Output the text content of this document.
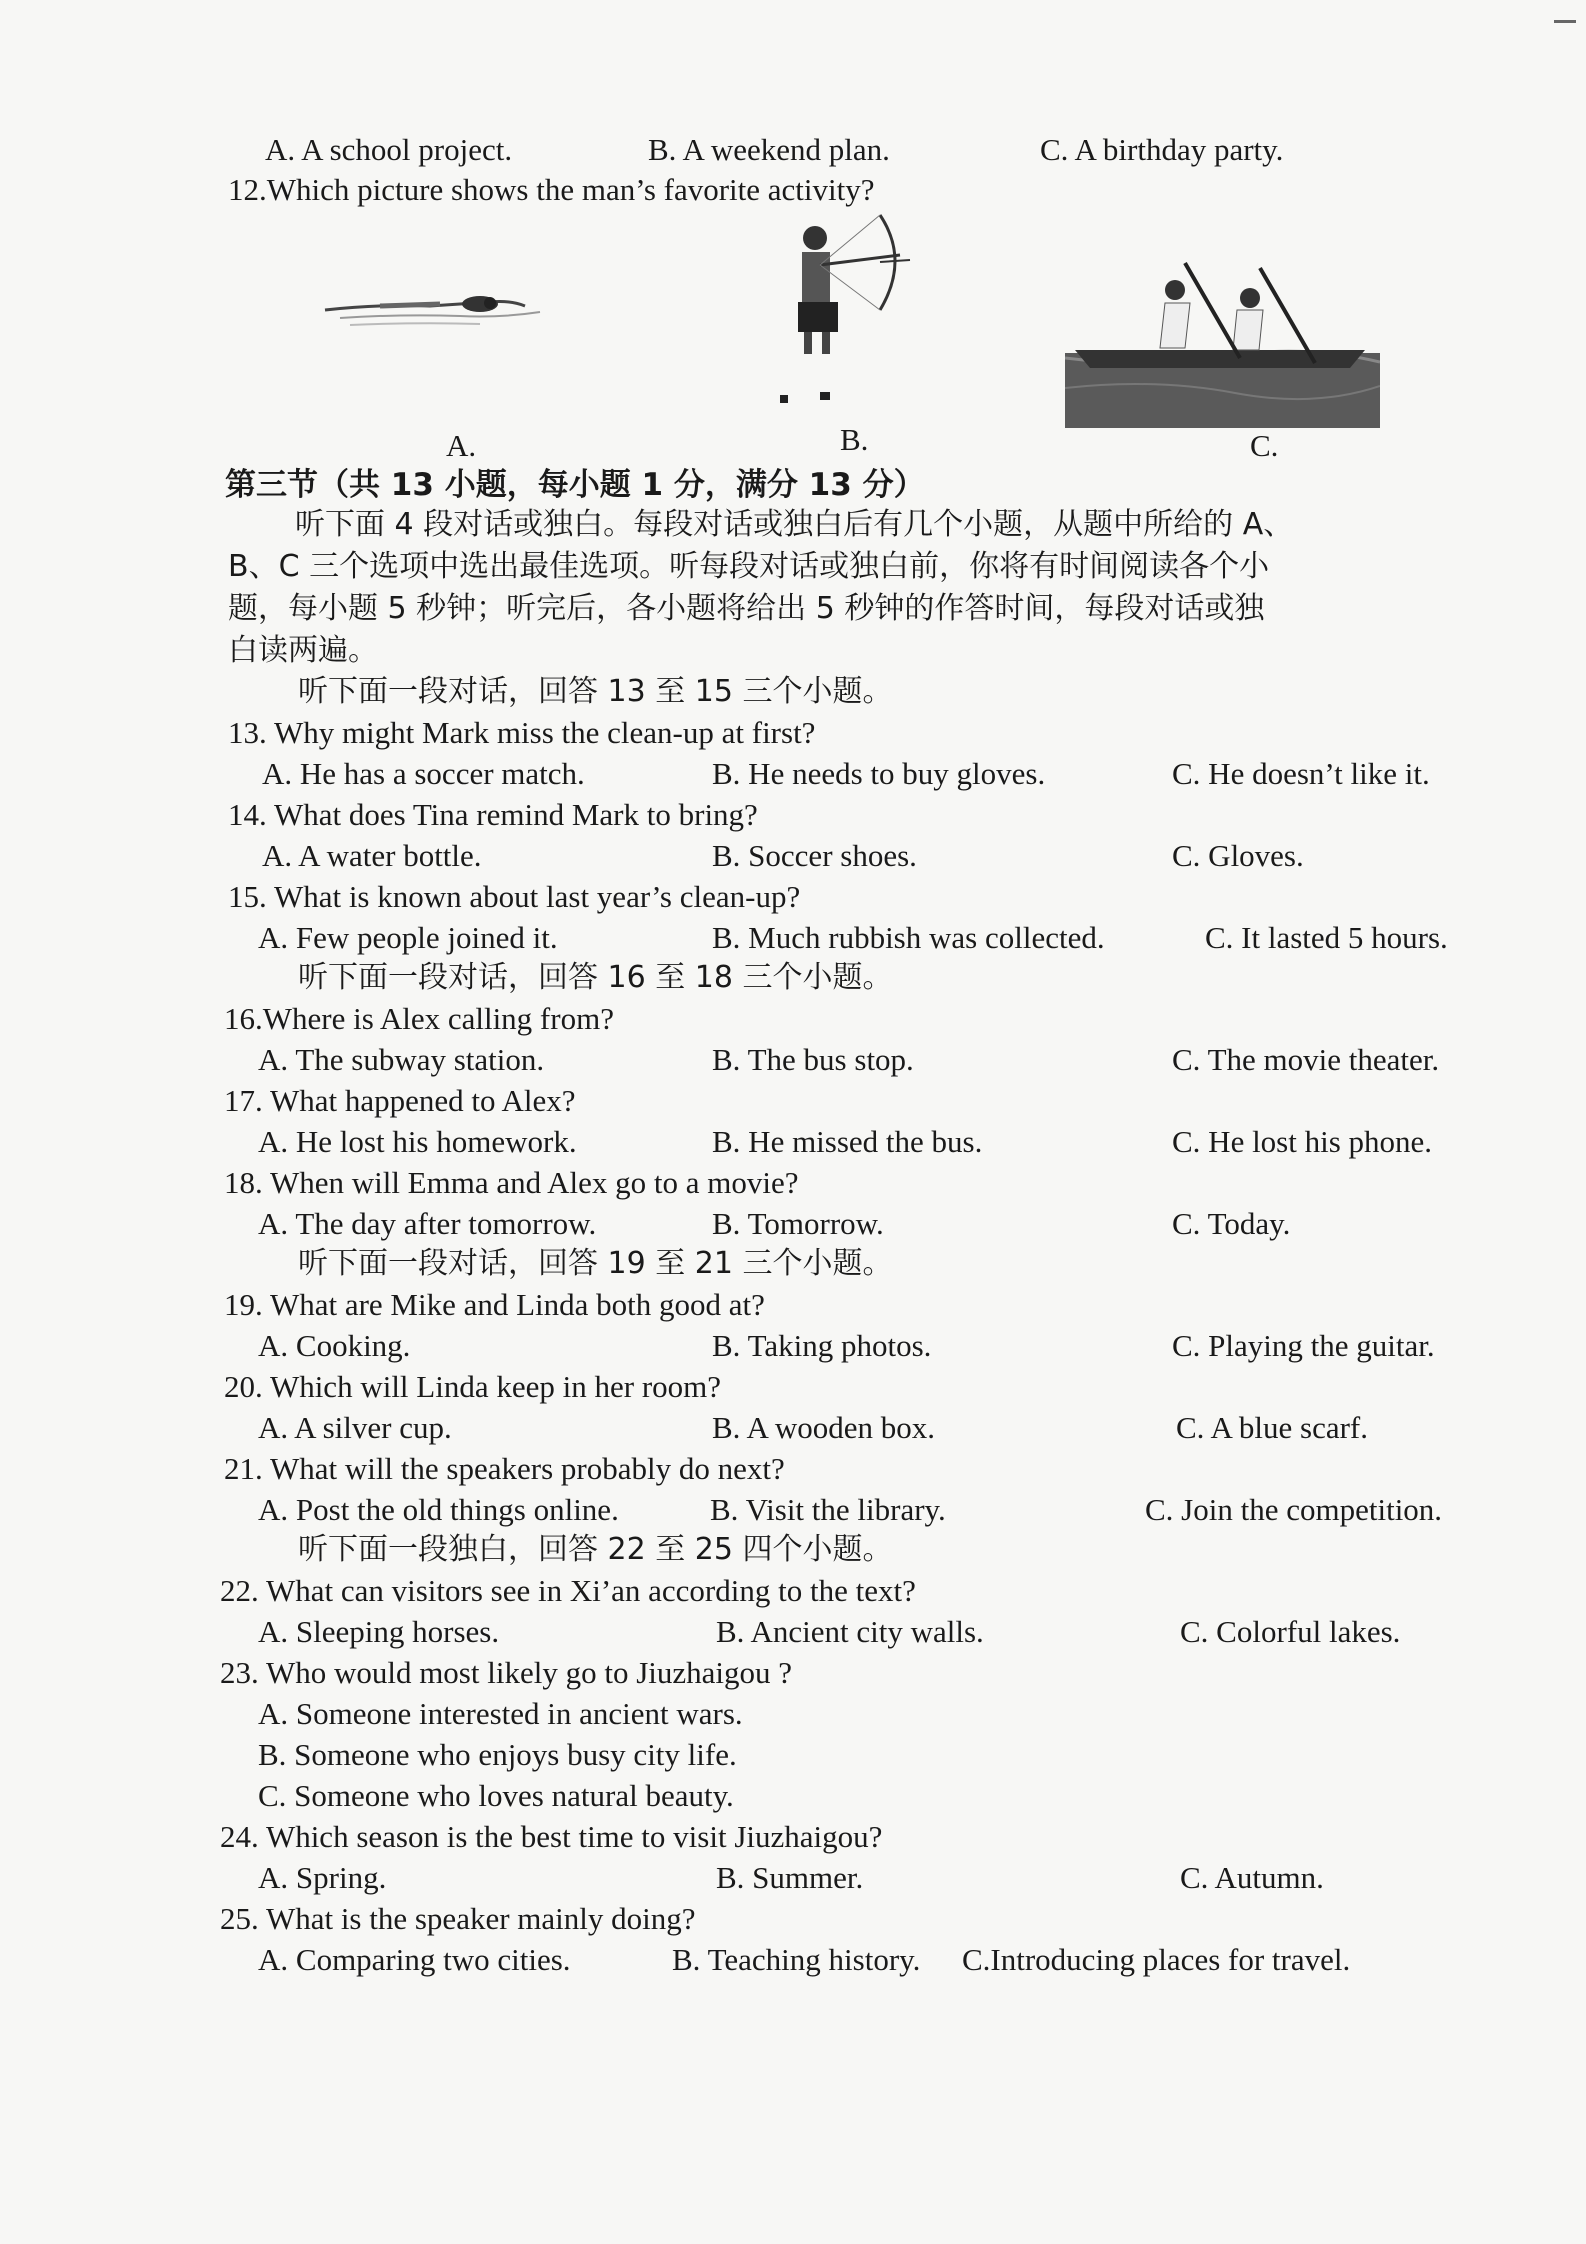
A. A school project.	B. A weekend plan.	C. A birthday party.
12.Which picture shows the man’s favorite activity?
A.	B.	C.
第三节（共 13 小题，每小题 1 分，满分 13 分）
听下面 4 段对话或独白。每段对话或独白后有几个小题，从题中所给的 A、
B、C 三个选项中选出最佳选项。听每段对话或独白前，你将有时间阅读各个小
题，每小题 5 秒钟；听完后，各小题将给出 5 秒钟的作答时间，每段对话或独
白读两遍。
听下面一段对话，回答 13 至 15 三个小题。
13. Why might Mark miss the clean-up at first?
A. He has a soccer match.	B. He needs to buy gloves.	C. He doesn’t like it.
14. What does Tina remind Mark to bring?
A. A water bottle.	B. Soccer shoes.	C. Gloves.
15. What is known about last year’s clean-up?
A. Few people joined it.	B. Much rubbish was collected.	C. It lasted 5 hours.
听下面一段对话，回答 16 至 18 三个小题。
16.Where is Alex calling from?
A. The subway station.	B. The bus stop.	C. The movie theater.
17. What happened to Alex?
A. He lost his homework.	B. He missed the bus.	C. He lost his phone.
18. When will Emma and Alex go to a movie?
A. The day after tomorrow.	B. Tomorrow.	C. Today.
听下面一段对话，回答 19 至 21 三个小题。
19. What are Mike and Linda both good at?
A. Cooking.	B. Taking photos.	C. Playing the guitar.
20. Which will Linda keep in her room?
A. A silver cup.	B. A wooden box.	C. A blue scarf.
21. What will the speakers probably do next?
A. Post the old things online.	B. Visit the library.	C. Join the competition.
听下面一段独白，回答 22 至 25 四个小题。
22. What can visitors see in Xi’an according to the text?
A. Sleeping horses.	B. Ancient city walls.	C. Colorful lakes.
23. Who would most likely go to Jiuzhaigou ?
A. Someone interested in ancient wars.
B. Someone who enjoys busy city life.
C. Someone who loves natural beauty.
24. Which season is the best time to visit Jiuzhaigou?
A. Spring.	B. Summer.	C. Autumn.
25. What is the speaker mainly doing?
A. Comparing two cities.	B. Teaching history. C.Introducing places for travel.
